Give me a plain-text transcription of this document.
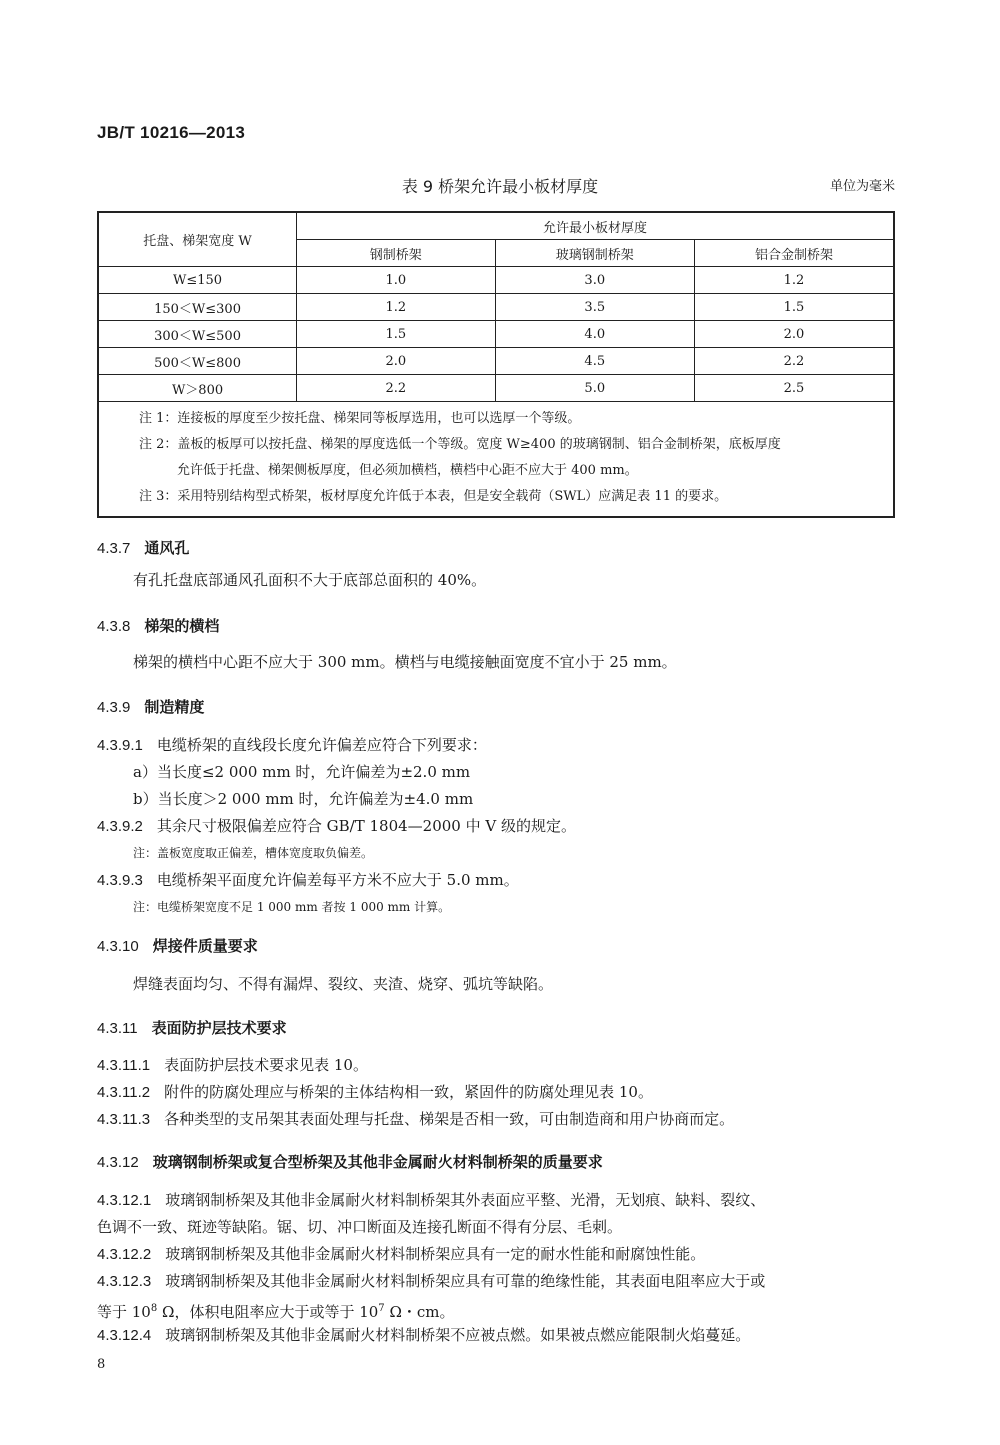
JB/T 10216—2013
表 9 桥架允许最小板材厚度	单位为毫米
托盘、梯架宽度 W	允许最小板材厚度		
	钢制桥架	玻璃钢制桥架	铝合金制桥架
W≤150	1.0	3.0	1.2
150＜W≤300	1.2	3.5	1.5
300＜W≤500	1.5	4.0	2.0
500＜W≤800	2.0	4.5	2.2
W＞800	2.2	5.0	2.5

注 1：连接板的厚度至少按托盘、梯架同等板厚选用，也可以选厚一个等级。
注 2：盖板的板厚可以按托盘、梯架的厚度选低一个等级。宽度 W≥400 的玻璃钢制、铝合金制桥架，底板厚度
允许低于托盘、梯架侧板厚度，但必须加横档，横档中心距不应大于 400 mm。
注 3：采用特别结构型式桥架，板材厚度允许低于本表，但是安全载荷（SWL）应满足表 11 的要求。			
4.3.7 通风孔
有孔托盘底部通风孔面积不大于底部总面积的 40%。
4.3.8 梯架的横档
梯架的横档中心距不应大于 300 mm。横档与电缆接触面宽度不宜小于 25 mm。
4.3.9 制造精度
4.3.9.1 电缆桥架的直线段长度允许偏差应符合下列要求：
a）当长度≤2 000 mm 时，允许偏差为±2.0 mm
b）当长度＞2 000 mm 时，允许偏差为±4.0 mm
4.3.9.2 其余尺寸极限偏差应符合 GB/T 1804—2000 中 V 级的规定。
注：盖板宽度取正偏差，槽体宽度取负偏差。
4.3.9.3 电缆桥架平面度允许偏差每平方米不应大于 5.0 mm。
注：电缆桥架宽度不足 1 000 mm 者按 1 000 mm 计算。
4.3.10 焊接件质量要求
焊缝表面均匀、不得有漏焊、裂纹、夹渣、烧穿、弧坑等缺陷。
4.3.11 表面防护层技术要求
4.3.11.1 表面防护层技术要求见表 10。
4.3.11.2 附件的防腐处理应与桥架的主体结构相一致，紧固件的防腐处理见表 10。
4.3.11.3 各种类型的支吊架其表面处理与托盘、梯架是否相一致，可由制造商和用户协商而定。
4.3.12 玻璃钢制桥架或复合型桥架及其他非金属耐火材料制桥架的质量要求
4.3.12.1 玻璃钢制桥架及其他非金属耐火材料制桥架其外表面应平整、光滑，无划痕、缺料、裂纹、
色调不一致、斑迹等缺陷。锯、切、冲口断面及连接孔断面不得有分层、毛刺。
4.3.12.2 玻璃钢制桥架及其他非金属耐火材料制桥架应具有一定的耐水性能和耐腐蚀性能。
4.3.12.3 玻璃钢制桥架及其他非金属耐火材料制桥架应具有可靠的绝缘性能，其表面电阻率应大于或
等于 $10^8$ Ω，体积电阻率应大于或等于 $10^7$ Ω・cm。
4.3.12.4 玻璃钢制桥架及其他非金属耐火材料制桥架不应被点燃。如果被点燃应能限制火焰蔓延。
8
